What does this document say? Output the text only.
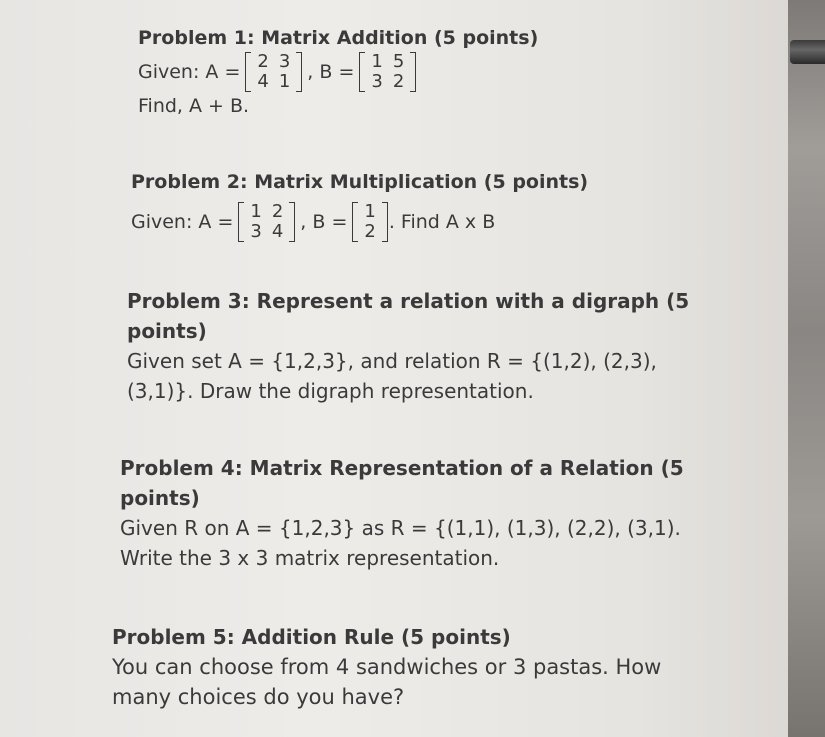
Problem 1: Matrix Addition (5 points)
Given: A = 2	3
4	1 , B = 1	5
3	2
Find, A + B.
Problem 2: Matrix Multiplication (5 points)
Given: A = 1	2
3	4 , B = 1
2 . Find A x B
Problem 3: Represent a relation with a digraph (5
points)
Given set A = {1,2,3}, and relation R = {(1,2), (2,3),
(3,1)}. Draw the digraph representation.
Problem 4: Matrix Representation of a Relation (5
points)
Given R on A = {1,2,3} as R = {(1,1), (1,3), (2,2), (3,1).
Write the 3 x 3 matrix representation.
Problem 5: Addition Rule (5 points)
You can choose from 4 sandwiches or 3 pastas. How
many choices do you have?
